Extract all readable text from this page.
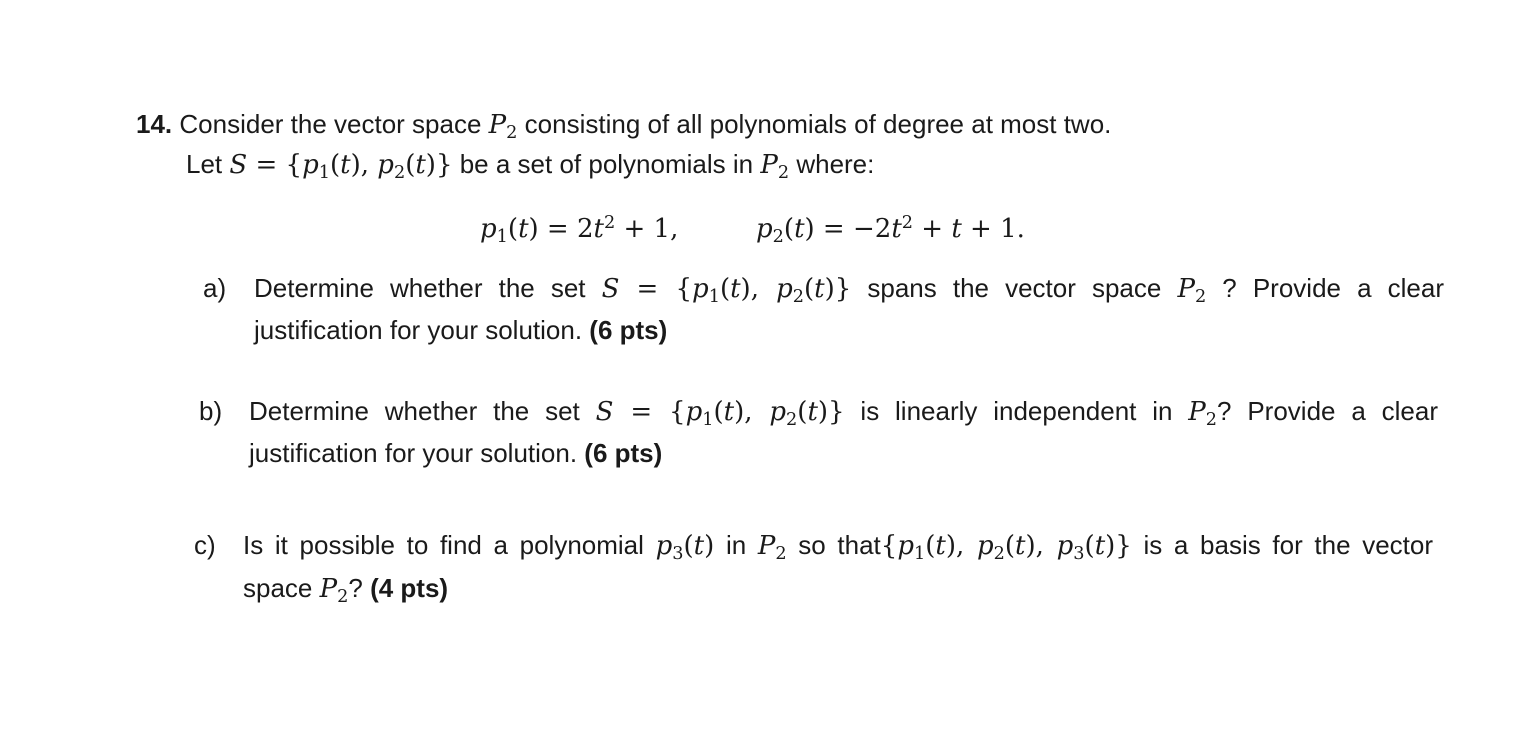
14. Consider the vector space $P_2$ consisting of all polynomials of degree at most two.
Let $S = \{p_1(t)$, $p_2(t)$} be a set of polynomials in $P_2$ where:
$p_1(t) = 2t^2 + 1$,	$p_2(t) = -2t^2 + t + 1$.
a) Determine whether the set $S = \{p_1(t)$, $p_2(t)$} spans the vector space $P_2$ ? Provide a clear
justification for your solution. (6 pts)
b) Determine whether the set $S = \{p_1(t)$, $p_2(t)$} is linearly independent in $P_2$? Provide a clear
justification for your solution. (6 pts)
c) Is it possible to find a polynomial $p_3(t)$ in $P_2$ so $that\{p_1(t)$, $p_2(t)$, $p_3(t)$} is a basis for the vector
space $P_2$? (4 pts)
